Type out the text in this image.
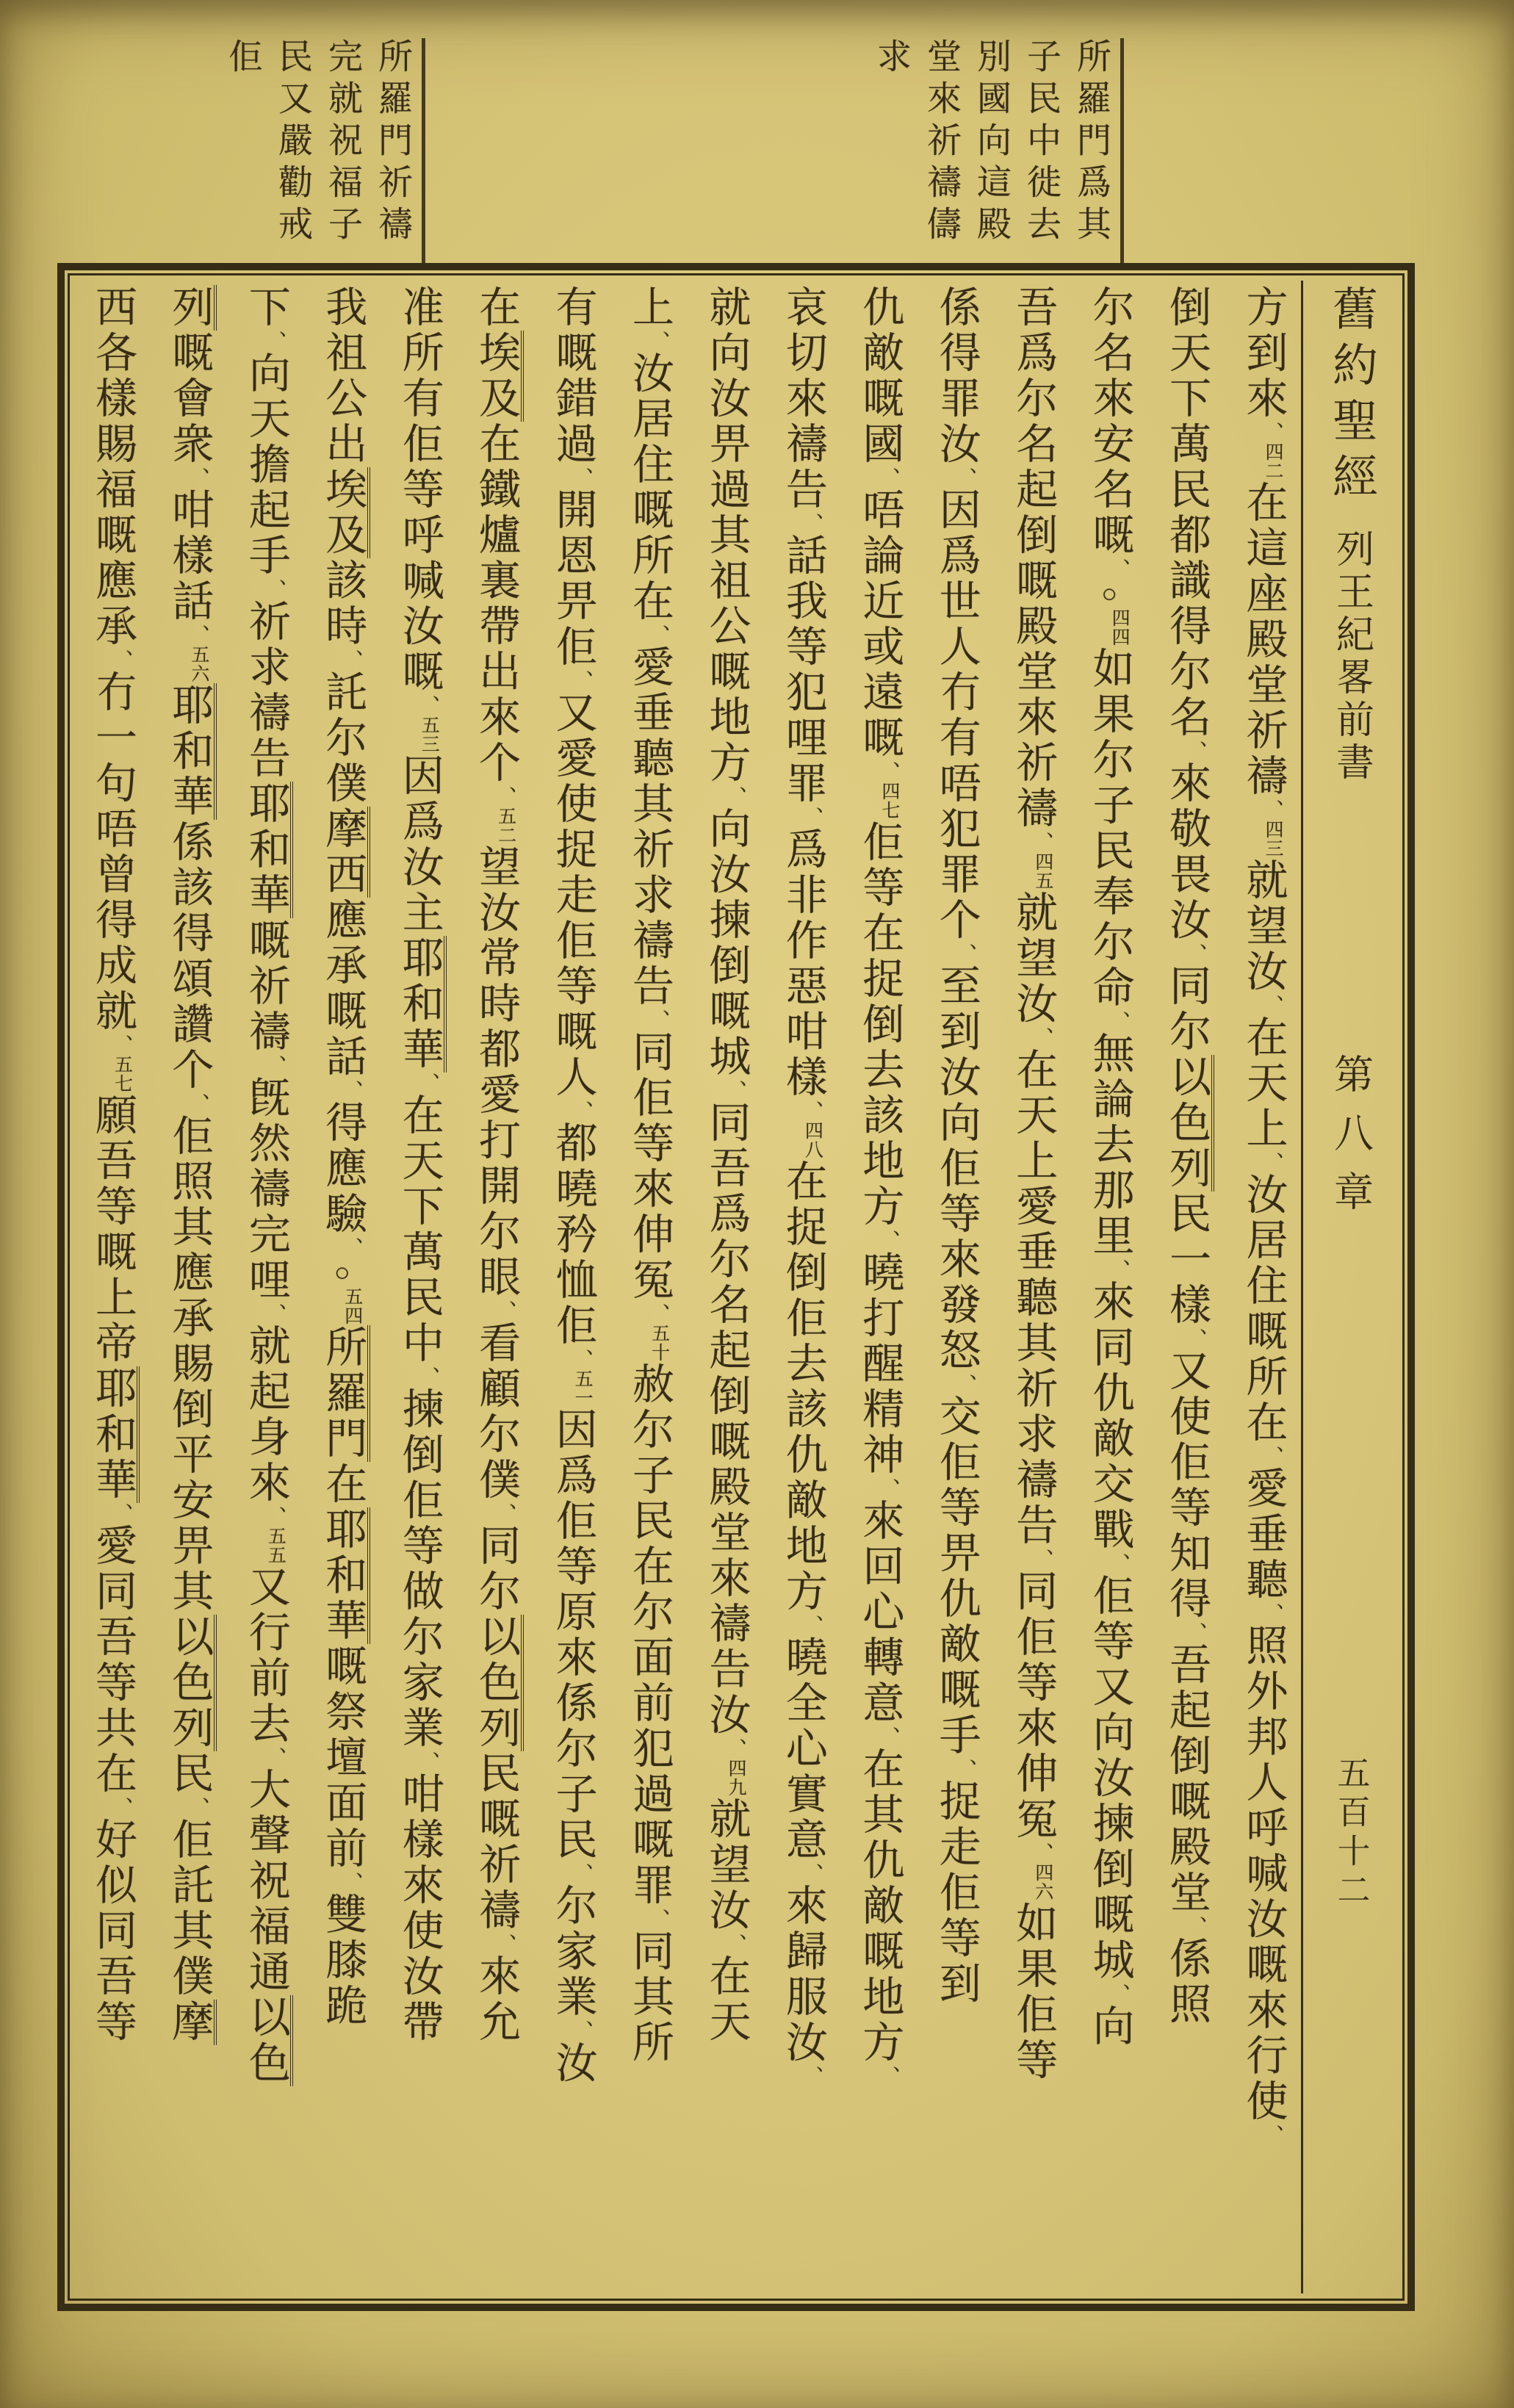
所羅門爲其
子民中徙去
別國向這殿
堂來祈禱儔
求
所羅門祈禱
完就祝福子
民又嚴勸戒
佢
舊約聖經
列王紀畧前書
第八章
五百十二
方到來、四二在這座殿堂祈禱、四三就望汝、在天上、汝居住嘅所在、愛垂聽、照外邦人呼喊汝嘅來行使、
倒天下萬民都識得尔名、來敬畏汝、同尔以色列民一樣、又使佢等知得、吾起倒嘅殿堂、係照
尔名來安名嘅、○四四如果尔子民奉尔命、無論去那里、來同仇敵交戰、佢等又向汝揀倒嘅城、向
吾爲尔名起倒嘅殿堂來祈禱、四五就望汝、在天上愛垂聽其祈求禱告、同佢等來伸冤、四六如果佢等
係得罪汝、因爲世人冇有唔犯罪个、至到汝向佢等來發怒、交佢等畀仇敵嘅手、捉走佢等到
仇敵嘅國、唔論近或遠嘅、四七佢等在捉倒去該地方、曉打醒精神、來回心轉意、在其仇敵嘅地方、
哀切來禱告、話我等犯哩罪、爲非作惡咁樣、四八在捉倒佢去該仇敵地方、曉全心實意、來歸服汝、
就向汝畀過其祖公嘅地方、向汝揀倒嘅城、同吾爲尔名起倒嘅殿堂來禱告汝、四九就望汝、在天
上、汝居住嘅所在、愛垂聽其祈求禱告、同佢等來伸冤、五十赦尔子民在尔面前犯過嘅罪、同其所
有嘅錯過、開恩畀佢、又愛使捉走佢等嘅人、都曉矜恤佢、五一因爲佢等原來係尔子民、尔家業、汝
在埃及在鐵爐裏帶出來个、五二望汝常時都愛打開尔眼、看顧尔僕、同尔以色列民嘅祈禱、來允
准所有佢等呼喊汝嘅、五三因爲汝主耶和華、在天下萬民中、揀倒佢等做尔家業、咁樣來使汝帶
我祖公出埃及該時、託尔僕摩西應承嘅話、得應驗、○五四所羅門在耶和華嘅祭壇面前、雙膝跪
下、向天擔起手、祈求禱告耶和華嘅祈禱、旣然禱完哩、就起身來、五五又行前去、大聲祝福通以色
列嘅會衆、咁樣話、五六耶和華係該得頌讚个、佢照其應承賜倒平安畀其以色列民、佢託其僕摩
西各樣賜福嘅應承、冇一句唔曾得成就、五七願吾等嘅上帝耶和華、愛同吾等共在、好似同吾等
